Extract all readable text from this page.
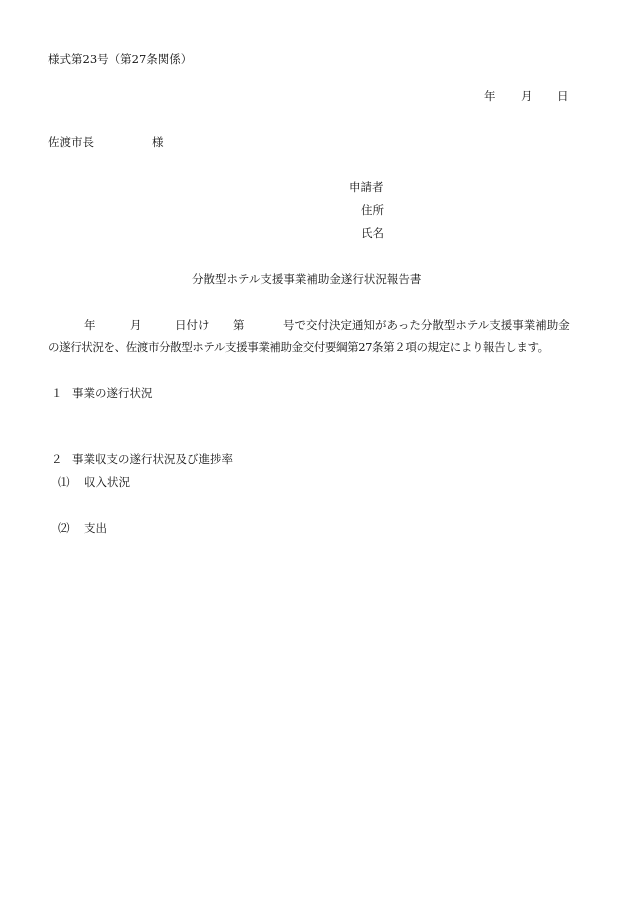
様式第23号（第27条関係）
年 月 日
佐渡市長	様
申請者
住所
氏名
分散型ホテル支援事業補助金遂行状況報告書
年	月	日付け 第	号で交付決定通知があった分散型ホテル支援事業補助金
の遂行状況を、佐渡市分散型ホテル支援事業補助金交付要綱第27条第２項の規定により報告します。
１ 事業の遂行状況
２ 事業収支の遂行状況及び進捗率
⑴ 収入状況
⑵ 支出
